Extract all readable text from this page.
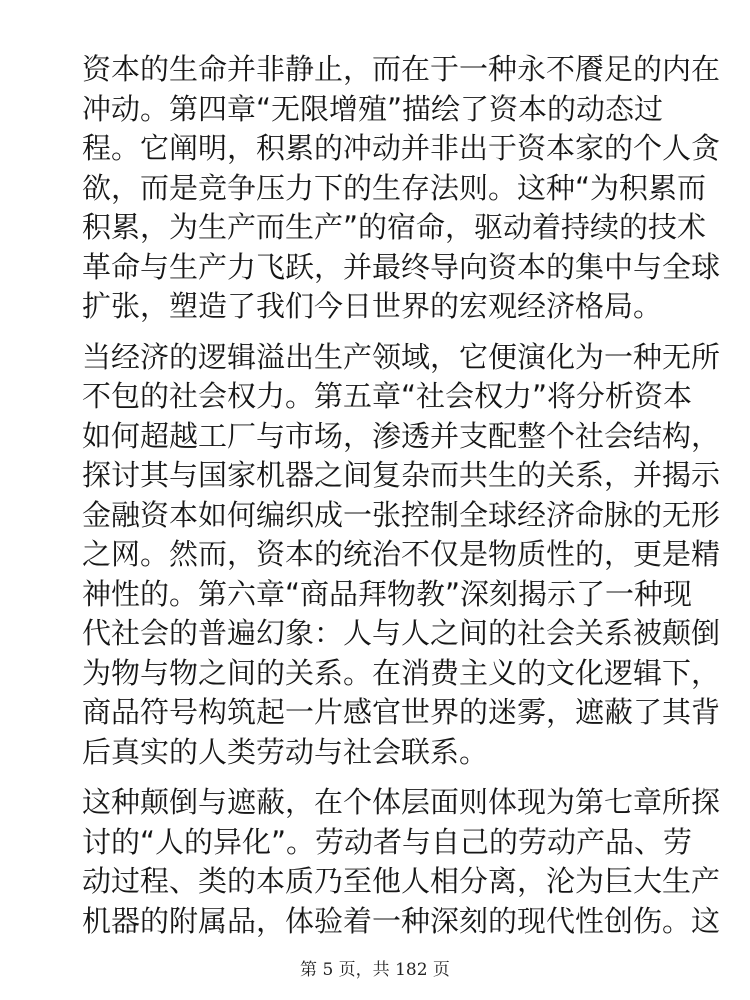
资本的生命并非静止，而在于一种永不餍足的内在
冲动。第四章“无限增殖”描绘了资本的动态过
程。它阐明，积累的冲动并非出于资本家的个人贪
欲，而是竞争压力下的生存法则。这种“为积累而
积累，为生产而生产”的宿命，驱动着持续的技术
革命与生产力飞跃，并最终导向资本的集中与全球
扩张，塑造了我们今日世界的宏观经济格局。

当经济的逻辑溢出生产领域，它便演化为一种无所
不包的社会权力。第五章“社会权力”将分析资本
如何超越工厂与市场，渗透并支配整个社会结构，
探讨其与国家机器之间复杂而共生的关系，并揭示
金融资本如何编织成一张控制全球经济命脉的无形
之网。然而，资本的统治不仅是物质性的，更是精
神性的。第六章“商品拜物教”深刻揭示了一种现
代社会的普遍幻象：人与人之间的社会关系被颠倒
为物与物之间的关系。在消费主义的文化逻辑下，
商品符号构筑起一片感官世界的迷雾，遮蔽了其背
后真实的人类劳动与社会联系。

这种颠倒与遮蔽，在个体层面则体现为第七章所探
讨的“人的异化”。劳动者与自己的劳动产品、劳
动过程、类的本质乃至他人相分离，沦为巨大生产
机器的附属品，体验着一种深刻的现代性创伤。这

第 5 页，共 182 页
